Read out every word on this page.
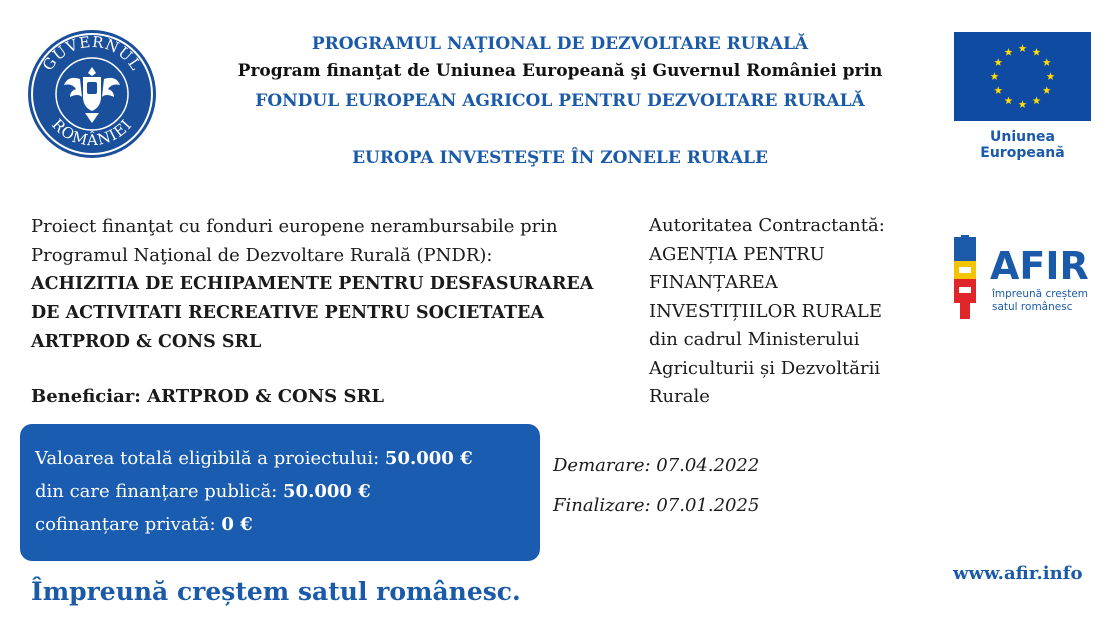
PROGRAMUL NAŢIONAL DE DEZVOLTARE RURALĂ
Program finanţat de Uniunea Europeană şi Guvernul României prin
FONDUL EUROPEAN AGRICOL PENTRU DEZVOLTARE RURALĂ
EUROPA INVESTEŞTE ÎN ZONELE RURALE
GUVERNUL
ROMÂNIEI
Uniunea Europeană
Proiect finanţat cu fonduri europene nerambursabile prin
Programul Naţional de Dezvoltare Rurală (PNDR):
ACHIZITIA DE ECHIPAMENTE PENTRU DESFASURAREA
DE ACTIVITATI RECREATIVE PENTRU SOCIETATEA
ARTPROD & CONS SRL
Beneficiar: ARTPROD & CONS SRL
Autoritatea Contractantă:
AGENȚIA PENTRU
FINANȚAREA
INVESTIȚIILOR RURALE
din cadrul Ministerului
Agriculturii și Dezvoltării
Rurale
AFIR
împreună creștem
satul românesc
Valoarea totală eligibilă a proiectului: 50.000 €
din care finanțare publică: 50.000 €
cofinanțare privată: 0 €
Demarare: 07.04.2022
Finalizare: 07.01.2025
Împreună creștem satul românesc.
www.afir.info
